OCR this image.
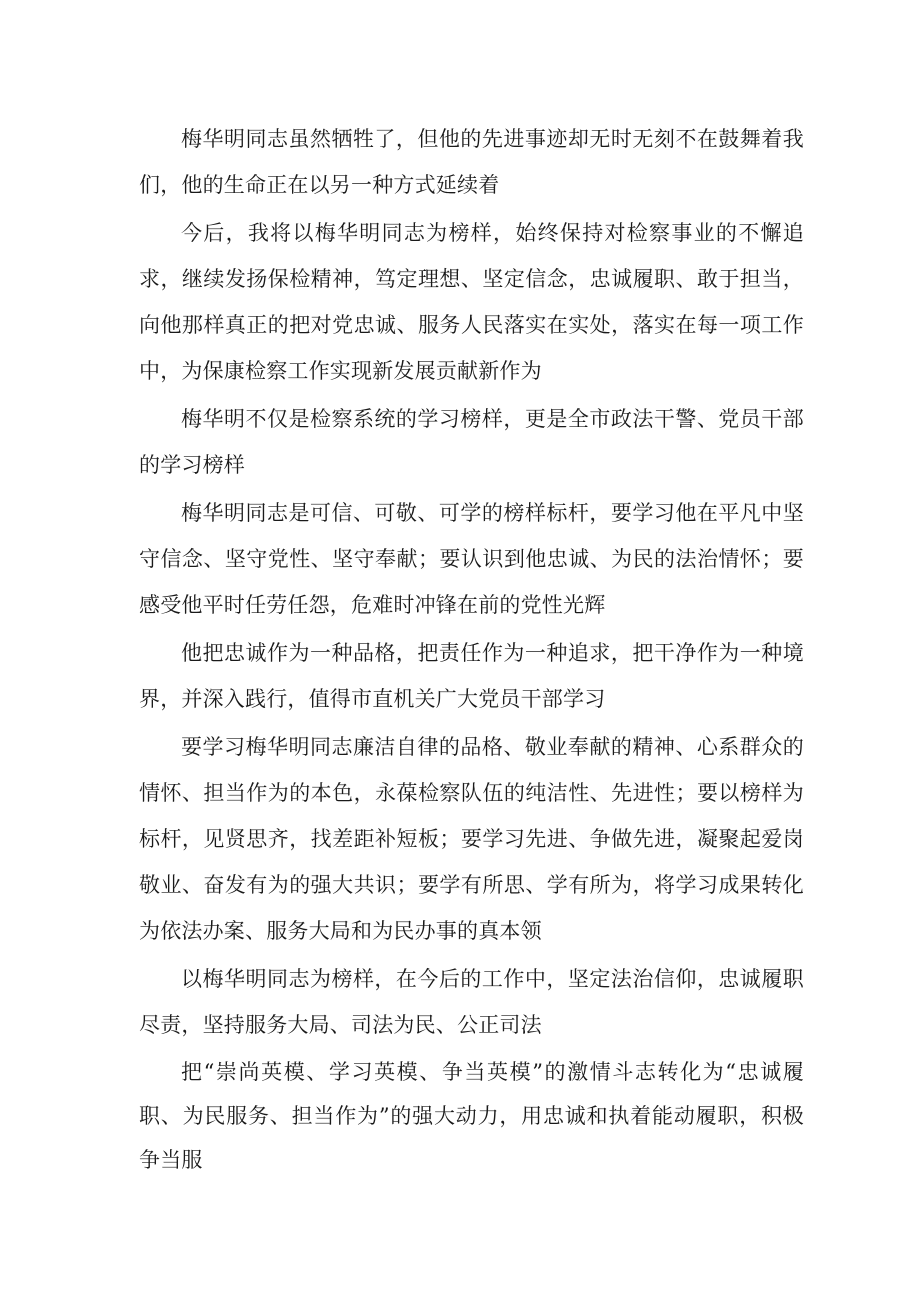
梅华明同志虽然牺牲了，但他的先进事迹却无时无刻不在鼓舞着我们，他的生命正在以另一种方式延续着

今后，我将以梅华明同志为榜样，始终保持对检察事业的不懈追求，继续发扬保检精神，笃定理想、坚定信念，忠诚履职、敢于担当，向他那样真正的把对党忠诚、服务人民落实在实处，落实在每一项工作中，为保康检察工作实现新发展贡献新作为

梅华明不仅是检察系统的学习榜样，更是全市政法干警、党员干部的学习榜样

梅华明同志是可信、可敬、可学的榜样标杆，要学习他在平凡中坚守信念、坚守党性、坚守奉献；要认识到他忠诚、为民的法治情怀；要感受他平时任劳任怨，危难时冲锋在前的党性光辉

他把忠诚作为一种品格，把责任作为一种追求，把干净作为一种境界，并深入践行，值得市直机关广大党员干部学习

要学习梅华明同志廉洁自律的品格、敬业奉献的精神、心系群众的情怀、担当作为的本色，永葆检察队伍的纯洁性、先进性；要以榜样为标杆，见贤思齐，找差距补短板；要学习先进、争做先进，凝聚起爱岗敬业、奋发有为的强大共识；要学有所思、学有所为，将学习成果转化为依法办案、服务大局和为民办事的真本领

以梅华明同志为榜样，在今后的工作中，坚定法治信仰，忠诚履职尽责，坚持服务大局、司法为民、公正司法

把“崇尚英模、学习英模、争当英模”的激情斗志转化为“忠诚履职、为民服务、担当作为”的强大动力，用忠诚和执着能动履职，积极争当服
